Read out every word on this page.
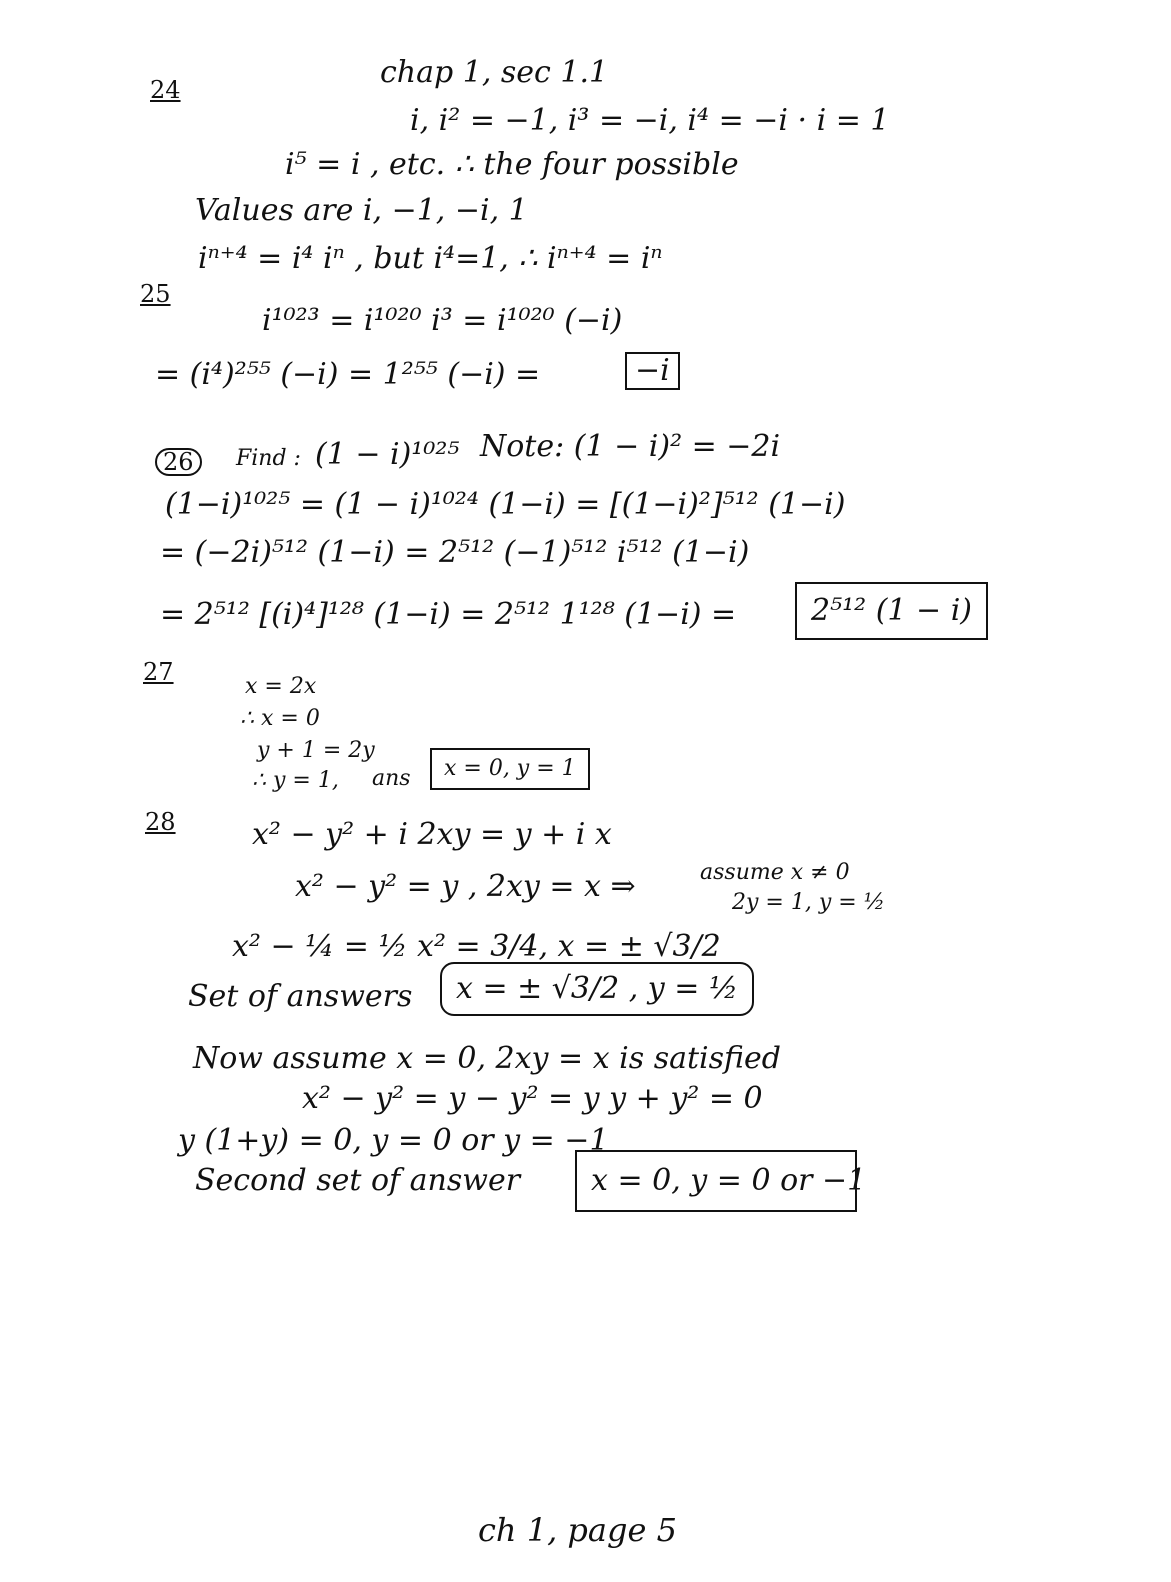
chap 1, sec 1.1
24
i, i² = −1, i³ = −i, i⁴ = −i · i = 1
i⁵ = i , etc. ∴ the four possible
Values are i, −1, −i, 1
iⁿ⁺⁴ = i⁴ iⁿ , but i⁴=1, ∴ iⁿ⁺⁴ = iⁿ
25
i¹⁰²³ = i¹⁰²⁰ i³ = i¹⁰²⁰ (−i)
= (i⁴)²⁵⁵ (−i) = 1²⁵⁵ (−i) =	−i
26	Find : (1 − i)¹⁰²⁵ Note: (1 − i)² = −2i
(1−i)¹⁰²⁵ = (1 − i)¹⁰²⁴ (1−i) = [(1−i)²]⁵¹² (1−i)
= (−2i)⁵¹² (1−i) = 2⁵¹² (−1)⁵¹² i⁵¹² (1−i)
= 2⁵¹² [(i)⁴]¹²⁸ (1−i) = 2⁵¹² 1¹²⁸ (1−i) =	2⁵¹² (1 − i)
27
x = 2x
∴ x = 0
y + 1 = 2y
∴ y = 1, ans	x = 0, y = 1
28	x² − y² + i 2xy = y + i x
x² − y² = y , 2xy = x ⇒	assume x ≠ 0
2y = 1, y = ½
x² − ¼ = ½ x² = 3/4, x = ± √3/2
Set of answers	x = ± √3/2 , y = ½
Now assume x = 0, 2xy = x is satisfied
x² − y² = y − y² = y y + y² = 0
y (1+y) = 0, y = 0 or y = −1
Second set of answer	x = 0, y = 0 or −1
ch 1, page 5
